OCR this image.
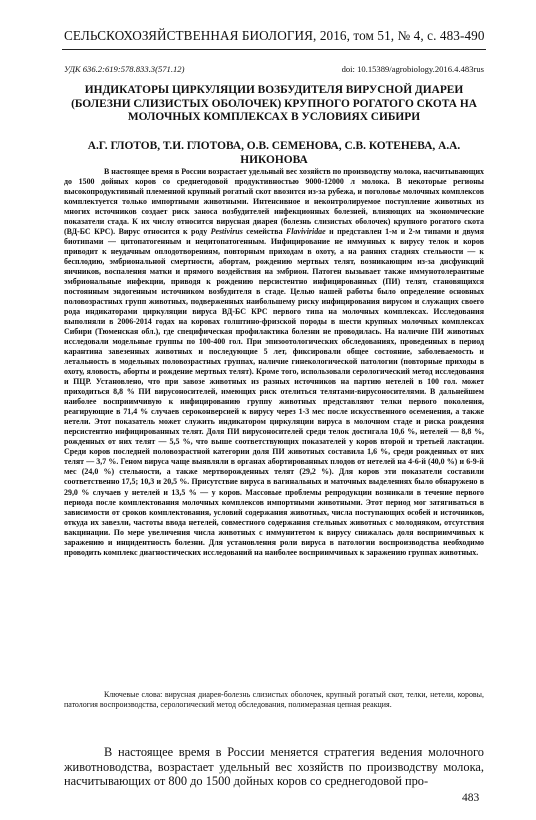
СЕЛЬСКОХОЗЯЙСТВЕННАЯ БИОЛОГИЯ, 2016, том 51, № 4, с. 483-490
УДК 636.2:619:578.833.3(571.12)	doi: 10.15389/agrobiology.2016.4.483rus
ИНДИКАТОРЫ ЦИРКУЛЯЦИИ ВОЗБУДИТЕЛЯ ВИРУСНОЙ ДИАРЕИ (БОЛЕЗНИ СЛИЗИСТЫХ ОБОЛОЧЕК) КРУПНОГО РОГАТОГО СКОТА НА МОЛОЧНЫХ КОМПЛЕКСАХ В УСЛОВИЯХ СИБИРИ
А.Г. ГЛОТОВ, Т.И. ГЛОТОВА, О.В. СЕМЕНОВА, С.В. КОТЕНЕВА, А.А. НИКОНОВА

В настоящее время в России возрастает удельный вес хозяйств по производству молока, насчитывающих до 1500 дойных коров со среднегодовой продуктивностью 9000-12000 л молока. В некоторые регионы высокопродуктивный племенной крупный рогатый скот ввозится из-за рубежа, и поголовье молочных комплексов комплектуется только импортными животными. Интенсивное и неконтролируемое поступление животных из многих источников создает риск заноса возбудителей инфекционных болезней, влияющих на экономические показатели стада. К их числу относится вирусная диарея (болезнь слизистых оболочек) крупного рогатого скота (ВД-БС КРС). Вирус относится к роду Pestivirus семейства Flaviviridae и представлен 1-м и 2-м типами и двумя биотипами — цитопатогенным и нецитопатогенным. Инфицирование не иммунных к вирусу телок и коров приводит к неудачным оплодотворениям, повторным приходам в охоту, а на ранних стадиях стельности — к бесплодию, эмбриональной смертности, абортам, рождению мертвых телят, возникающим из-за дисфункций яичников, воспаления матки и прямого воздействия на эмбрион. Патоген вызывает также иммунотолерантные эмбриональные инфекции, приводя к рождению персистентно инфицированных (ПИ) телят, становящихся постоянным эндогенным источником возбудителя в стаде. Целью нашей работы было определение основных половозрастных групп животных, подверженных наибольшему риску инфицирования вирусом и служащих своего рода индикаторами циркуляции вируса ВД-БС КРС первого типа на молочных комплексах. Исследования выполняли в 2006-2014 годах на коровах голштино-фризской породы в шести крупных молочных комплексах Сибири (Тюменская обл.), где специфическая профилактика болезни не проводилась. На наличие ПИ животных исследовали модельные группы по 100-400 гол. При эпизоотологических обследованиях, проведенных в период карантина завезенных животных и последующие 5 лет, фиксировали общее состояние, заболеваемость и летальность в модельных половозрастных группах, наличие гинекологической патологии (повторные приходы в охоту, яловость, аборты и рождение мертвых телят). Кроме того, использовали серологический метод исследования и ПЦР. Установлено, что при завозе животных из разных источников на партию нетелей в 100 гол. может приходиться 8,8 % ПИ вирусоносителей, имеющих риск отелиться телятами-вирусоносителями. В дальнейшем наиболее восприимчивую к инфицированию группу животных представляют телки первого поколения, реагирующие в 71,4 % случаев сероконверсией к вирусу через 1-3 мес после искусственного осеменения, а также нетели. Этот показатель может служить индикатором циркуляции вируса в молочном стаде и риска рождения персистентно инфицированных телят. Доля ПИ вирусоносителей среди телок достигала 10,6 %, нетелей — 8,8 %, рожденных от них телят — 5,5 %, что выше соответствующих показателей у коров второй и третьей лактации. Среди коров последней половозрастной категории доля ПИ животных составила 1,6 %, среди рожденных от них телят — 3,7 %. Геном вируса чаще выявляли в органах абортированных плодов от нетелей на 4-6-й (40,0 %) и 6-9-й мес (24,0 %) стельности, а также мертворожденных телят (29,2 %). Для коров эти показатели составили соответственно 17,5; 10,3 и 20,5 %. Присутствие вируса в вагинальных и маточных выделениях было обнаружено в 29,0 % случаев у нетелей и 13,5 % — у коров. Массовые проблемы репродукции возникали в течение первого периода после комплектования молочных комплексов импортными животными. Этот период мог затягиваться в зависимости от сроков комплектования, условий содержания животных, числа поступающих особей и источников, откуда их завезли, частоты ввода нетелей, совместного содержания стельных животных с молодняком, отсутствия вакцинации. По мере увеличения числа животных с иммунитетом к вирусу снижалась доля восприимчивых к заражению и инцидентность болезни. Для установления роли вируса в патологии воспроизводства необходимо проводить комплекс диагностических исследований на наиболее восприимчивых к заражению группах животных.

Ключевые слова: вирусная диарея-болезнь слизистых оболочек, крупный рогатый скот, телки, нетели, коровы, патология воспроизводства, серологический метод обследования, полимеразная цепная реакция.

В настоящее время в России меняется стратегия ведения молочного животноводства, возрастает удельный вес хозяйств по производству молока, насчитывающих от 800 до 1500 дойных коров со среднегодовой про-

483
